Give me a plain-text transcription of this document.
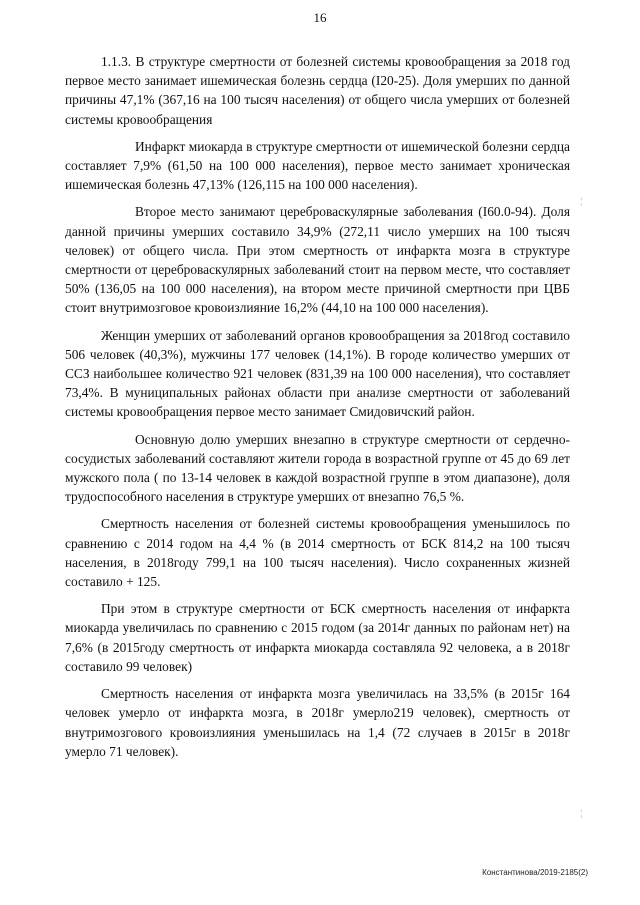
16

1.1.3. В структуре смертности от болезней системы кровообращения за 2018 год первое место занимает ишемическая болезнь сердца (I20-25). Доля умерших по данной причины 47,1% (367,16 на 100 тысяч населения) от общего числа умерших от болезней системы кровообращения

Инфаркт миокарда в структуре смертности от ишемической болезни сердца составляет 7,9% (61,50 на 100 000 населения), первое место занимает хроническая ишемическая болезнь 47,13% (126,115 на 100 000 населения).

Второе место занимают цереброваскулярные заболевания (I60.0-94). Доля данной причины умерших составило 34,9% (272,11 число умерших на 100 тысяч человек) от общего числа. При этом смертность от инфаркта мозга в структуре смертности от цереброваскулярных заболеваний стоит на первом месте, что составляет 50% (136,05 на 100 000 населения), на втором месте причиной смертности при ЦВБ стоит внутримозговое кровоизлияние 16,2% (44,10 на 100 000 населения).

Женщин умерших от заболеваний органов кровообращения за 2018год составило 506 человек (40,3%), мужчины 177 человек (14,1%). В городе количество умерших от ССЗ наибольшее количество 921 человек (831,39 на 100 000 населения), что составляет 73,4%. В муниципальных районах области при анализе смертности от заболеваний системы кровообращения первое место занимает Смидовичский район.

Основную долю умерших внезапно в структуре смертности от сердечно- сосудистых заболеваний составляют жители города в возрастной группе от 45 до 69 лет мужского пола ( по 13-14 человек в каждой возрастной группе в этом диапазоне), доля трудоспособного населения в структуре умерших от внезапно 76,5 %.

Смертность населения от болезней системы кровообращения уменьшилось по сравнению с 2014 годом на 4,4 % (в 2014 смертность от БСК 814,2 на 100 тысяч населения, в 2018году 799,1 на 100 тысяч населения). Число сохраненных жизней составило + 125.

При этом в структуре смертности от БСК смертность населения от инфаркта миокарда увеличилась по сравнению с 2015 годом (за 2014г данных по районам нет) на 7,6% (в 2015году смертность от инфаркта миокарда составляла 92 человека, а в 2018г составило 99 человек)

Смертность населения от инфаркта мозга увеличилась на 33,5% (в 2015г 164 человек умерло от инфаркта мозга, в 2018г умерло219 человек), смертность от внутримозгового кровоизлияния уменьшилась на 1,4 (72 случаев в 2015г в 2018г умерло 71 человек).

¦
¦
Константинова/2019-2185(2)
